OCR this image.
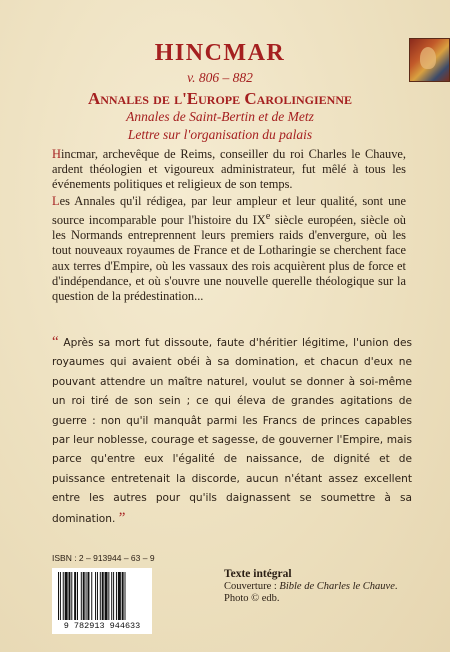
HINCMAR

v. 806 – 882

Annales de l'Europe Carolingienne

Annales de Saint-Bertin et de Metz

Lettre sur l'organisation du palais

Hincmar, archevêque de Reims, conseiller du roi Charles le Chauve, ardent théologien et vigoureux administrateur, fut mêlé à tous les événements politiques et religieux de son temps.

Les Annales qu'il rédigea, par leur ampleur et leur qualité, sont une source incomparable pour l'histoire du IXe siècle européen, siècle où les Normands entreprennent leurs premiers raids d'envergure, où les tout nouveaux royaumes de France et de Lotharingie se cherchent face aux terres d'Empire, où les vassaux des rois acquièrent plus de force et d'indépendance, et où s'ouvre une nouvelle querelle théologique sur la question de la prédestination...

“ Après sa mort fut dissoute, faute d'héritier légitime, l'union des royaumes qui avaient obéi à sa domination, et chacun d'eux ne pouvant attendre un maître naturel, voulut se donner à soi-même un roi tiré de son sein ; ce qui éleva de grandes agitations de guerre : non qu'il manquât parmi les Francs de princes capables par leur noblesse, courage et sagesse, de gouverner l'Empire, mais parce qu'entre eux l'égalité de naissance, de dignité et de puissance entretenait la discorde, aucun n'étant assez excellent entre les autres pour qu'ils daignassent se soumettre à sa domination. ”

ISBN : 2 – 913944 – 63 – 9

9 782913 944633

Texte intégral
Couverture : Bible de Charles le Chauve.
Photo © edb.
